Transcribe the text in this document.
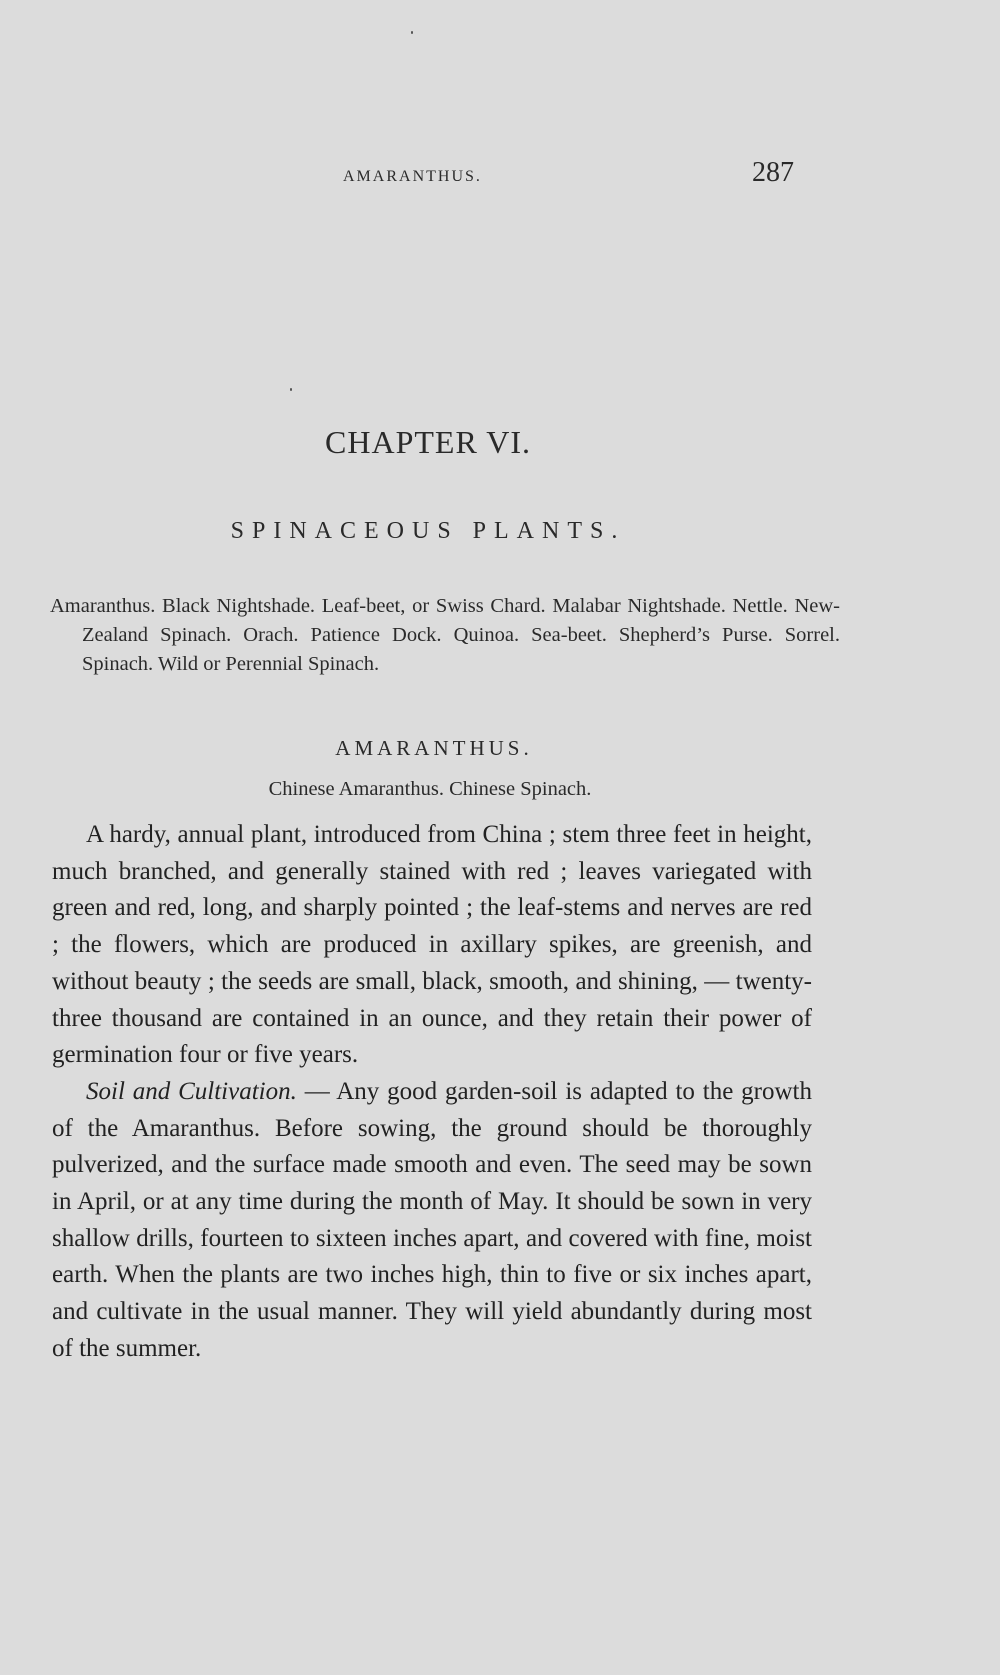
AMARANTHUS.	287
CHAPTER VI.
SPINACEOUS PLANTS.
Amaranthus. Black Nightshade. Leaf-beet, or Swiss Chard. Malabar Nightshade. Nettle. New-Zealand Spinach. Orach. Patience Dock. Quinoa. Sea-beet. Shepherd’s Purse. Sorrel. Spinach. Wild or Perennial Spinach.
AMARANTHUS.
Chinese Amaranthus. Chinese Spinach.

A hardy, annual plant, introduced from China ; stem three feet in height, much branched, and generally stained with red ; leaves variegated with green and red, long, and sharply pointed ; the leaf-stems and nerves are red ; the flowers, which are produced in axillary spikes, are greenish, and without beauty ; the seeds are small, black, smooth, and shining, — twenty-three thousand are contained in an ounce, and they retain their power of germination four or five years.

Soil and Cultivation. — Any good garden-soil is adapted to the growth of the Amaranthus. Before sowing, the ground should be thoroughly pulverized, and the surface made smooth and even. The seed may be sown in April, or at any time during the month of May. It should be sown in very shallow drills, fourteen to sixteen inches apart, and covered with fine, moist earth. When the plants are two inches high, thin to five or six inches apart, and cultivate in the usual manner. They will yield abundantly during most of the summer.
